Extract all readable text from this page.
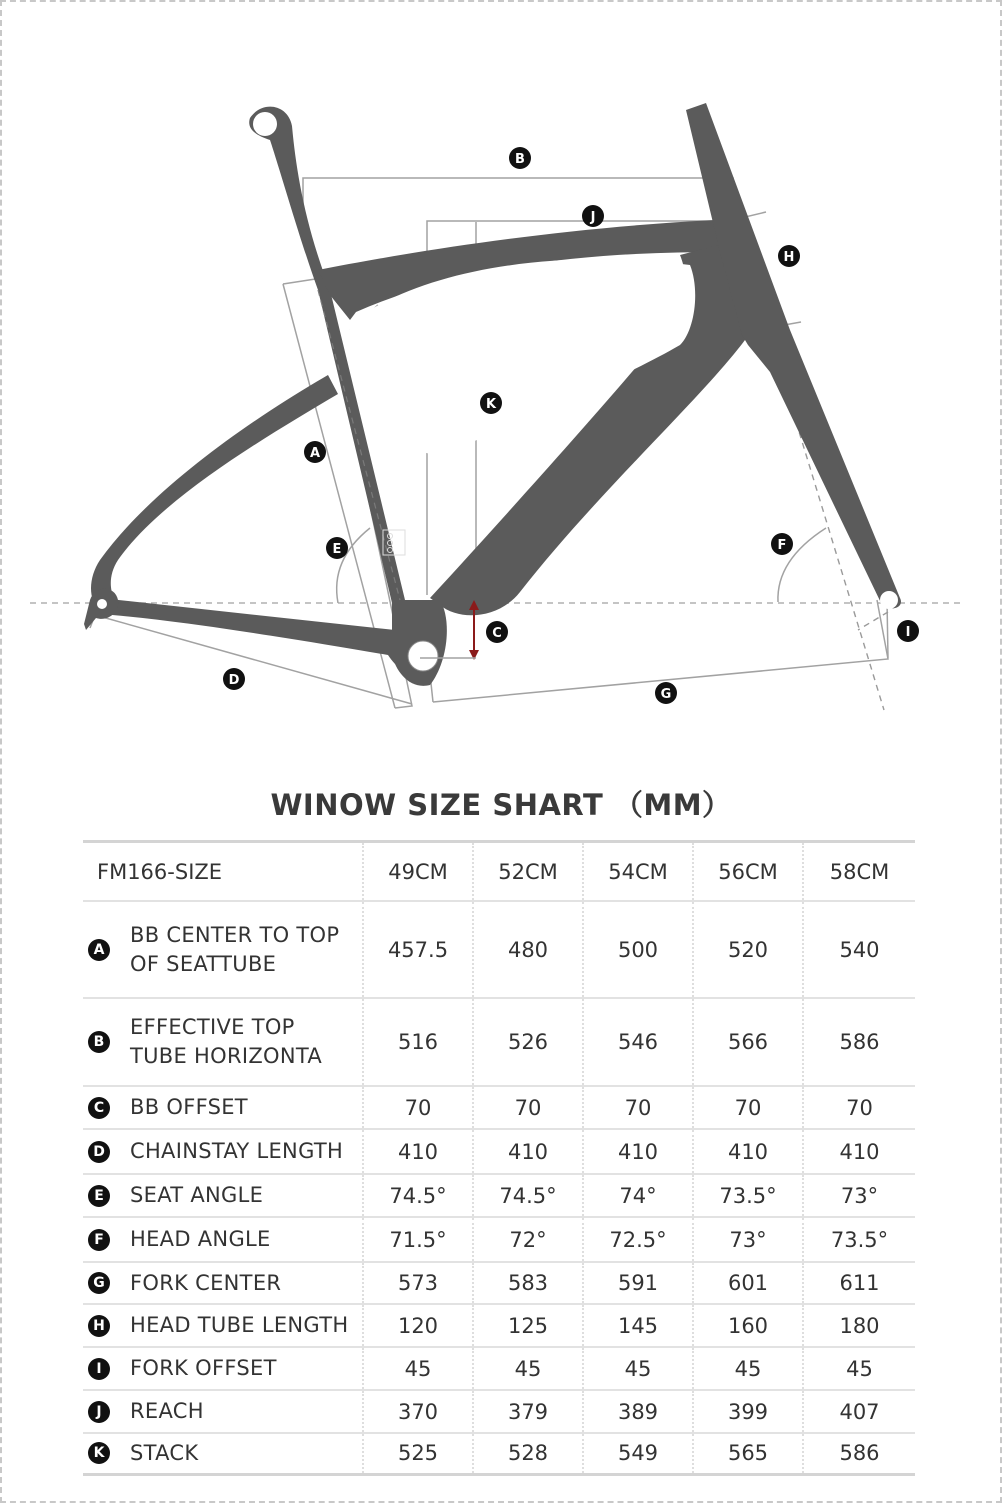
B
J
H
K
A
E	F
C	I
D
G
WINOW SIZE SHART （MM）
FM166-SIZE	49CM	52CM	54CM	56CM	58CM

A
BB CENTER TO TOP
OF SEATTUBE	457.5	480	500	520	540

B
EFFECTIVE TOP
TUBE HORIZONTA	516	526	546	566	586

C BB OFFSET	70	70	70	70	70

D CHAINSTAY LENGTH	410	410	410	410	410

E SEAT ANGLE	74.5°	74.5°	74°	73.5°	73°

F HEAD ANGLE	71.5°	72°	72.5°	73°	73.5°

G FORK CENTER	573	583	591	601	611

H HEAD TUBE LENGTH	120	125	145	160	180

I FORK OFFSET	45	45	45	45	45

J REACH	370	379	389	399	407

K STACK	525	528	549	565	586
